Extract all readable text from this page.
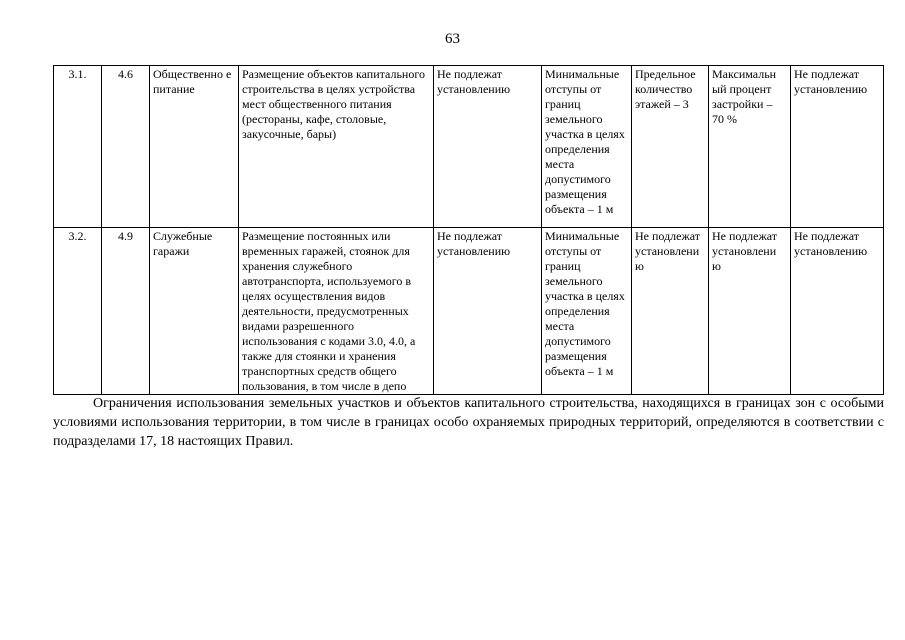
63
3.1.	4.6	Общественно е питание	Размещение объектов капитального строительства в целях устройства мест общественного питания (рестораны, кафе, столовые, закусочные, бары)	Не подлежат установлению	Минимальные отступы от границ земельного участка в целях определения места допустимого размещения объекта – 1 м	Предельное количество этажей – 3	Максимальн ый процент застройки – 70 %	Не подлежат установлению
3.2.	4.9	Служебные гаражи	Размещение постоянных или временных гаражей, стоянок для хранения служебного автотранспорта, используемого в целях осуществления видов деятельности, предусмотренных видами разрешенного использования с кодами 3.0, 4.0, а также для стоянки и хранения транспортных средств общего пользования, в том числе в депо	Не подлежат установлению	Минимальные отступы от границ земельного участка в целях определения места допустимого размещения объекта – 1 м	Не подлежат установлени ю	Не подлежат установлени ю	Не подлежат установлению

Ограничения использования земельных участков и объектов капитального строительства, находящихся в границах зон с особыми условиями использования территории, в том числе в границах особо охраняемых природных территорий, определяются в соответствии с подразделами 17, 18 настоящих Правил.
